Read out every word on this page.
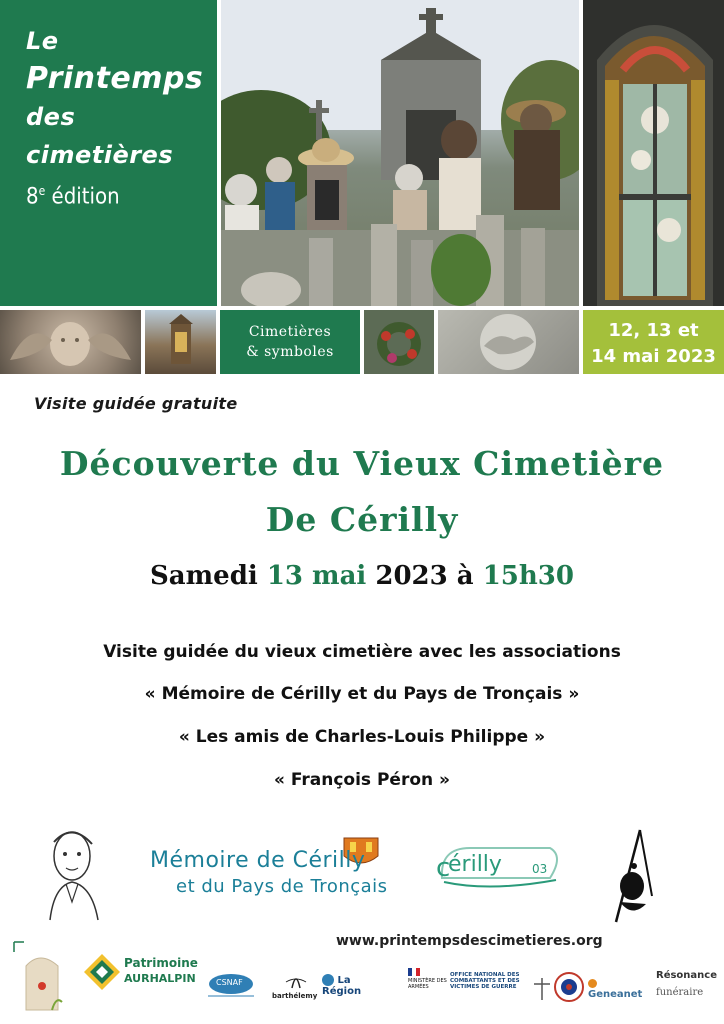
Le
Printemps
des
cimetières
8e édition
Cimetières
& symboles
12, 13 et
14 mai 2023
Visite guidée gratuite
Découverte du Vieux Cimetière
De Cérilly
Samedi 13 mai 2023 à 15h30
Visite guidée du vieux cimetière avec les associations
« Mémoire de Cérilly et du Pays de Tronçais »
« Les amis de Charles-Louis Philippe »
« François Péron »
Mémoire de Cérilly
et du Pays de Tronçais
c
érilly	03
www.printempsdescimetieres.org
Patrimoine
AURHALPIN	CSNAF
barthélemy
La Région
MINISTÈRE DES ARMÉES
OFFICE NATIONAL DES COMBATTANTS ET DES VICTIMES DE GUERRE
Geneanet
Résonance
funéraire
